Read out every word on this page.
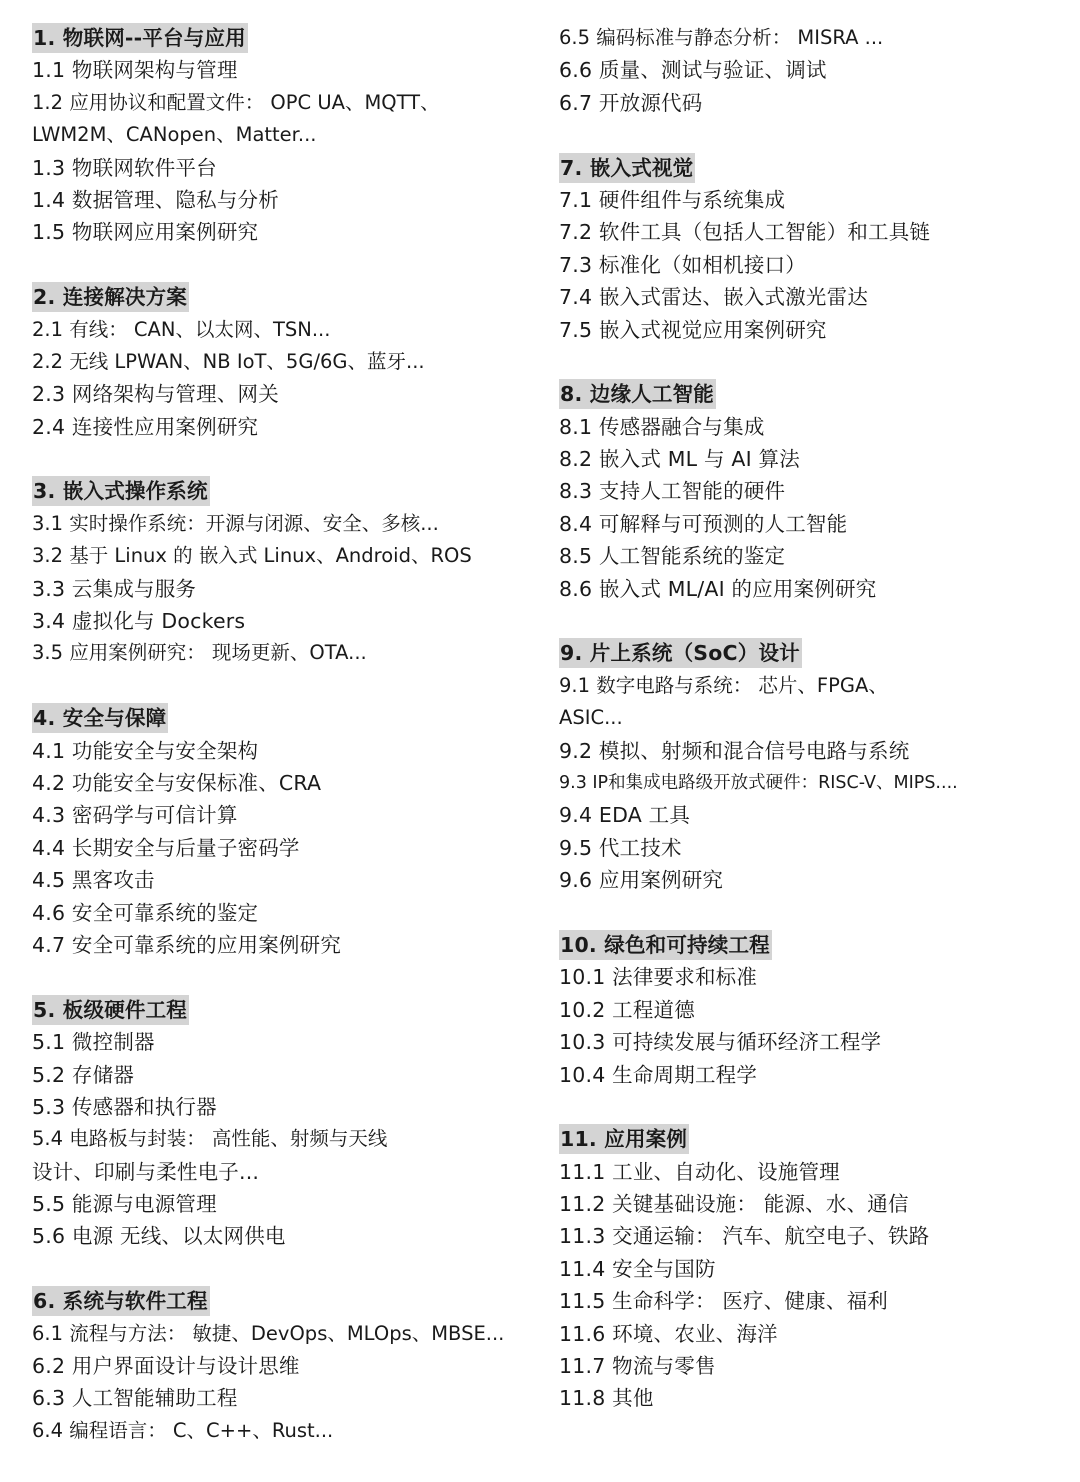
1. 物联网--平台与应用
1.1 物联网架构与管理
1.2 应用协议和配置文件： OPC UA、MQTT、
LWM2M、CANopen、Matter...
1.3 物联网软件平台
1.4 数据管理、隐私与分析
1.5 物联网应用案例研究
2. 连接解决方案
2.1 有线： CAN、以太网、TSN...
2.2 无线 LPWAN、NB IoT、5G/6G、蓝牙...
2.3 网络架构与管理、网关
2.4 连接性应用案例研究
3. 嵌入式操作系统
3.1 实时操作系统：开源与闭源、安全、多核...
3.2 基于 Linux 的 嵌入式 Linux、Android、ROS
3.3 云集成与服务
3.4 虚拟化与 Dockers
3.5 应用案例研究： 现场更新、OTA...
4. 安全与保障
4.1 功能安全与安全架构
4.2 功能安全与安保标准、CRA
4.3 密码学与可信计算
4.4 长期安全与后量子密码学
4.5 黑客攻击
4.6 安全可靠系统的鉴定
4.7 安全可靠系统的应用案例研究
5. 板级硬件工程
5.1 微控制器
5.2 存储器
5.3 传感器和执行器
5.4 电路板与封装： 高性能、射频与天线
设计、印刷与柔性电子...
5.5 能源与电源管理
5.6 电源 无线、以太网供电
6. 系统与软件工程
6.1 流程与方法： 敏捷、DevOps、MLOps、MBSE...
6.2 用户界面设计与设计思维
6.3 人工智能辅助工程
6.4 编程语言： C、C++、Rust...
6.5 编码标准与静态分析： MISRA ...
6.6 质量、测试与验证、调试
6.7 开放源代码
7. 嵌入式视觉
7.1 硬件组件与系统集成
7.2 软件工具（包括人工智能）和工具链
7.3 标准化（如相机接口）
7.4 嵌入式雷达、嵌入式激光雷达
7.5 嵌入式视觉应用案例研究
8. 边缘人工智能
8.1 传感器融合与集成
8.2 嵌入式 ML 与 AI 算法
8.3 支持人工智能的硬件
8.4 可解释与可预测的人工智能
8.5 人工智能系统的鉴定
8.6 嵌入式 ML/AI 的应用案例研究
9. 片上系统（SoC）设计
9.1 数字电路与系统： 芯片、FPGA、
ASIC...
9.2 模拟、射频和混合信号电路与系统
9.3 IP和集成电路级开放式硬件：RISC-V、MIPS....
9.4 EDA 工具
9.5 代工技术
9.6 应用案例研究
10. 绿色和可持续工程
10.1 法律要求和标准
10.2 工程道德
10.3 可持续发展与循环经济工程学
10.4 生命周期工程学
11. 应用案例
11.1 工业、自动化、设施管理
11.2 关键基础设施： 能源、水、通信
11.3 交通运输： 汽车、航空电子、铁路
11.4 安全与国防
11.5 生命科学： 医疗、健康、福利
11.6 环境、农业、海洋
11.7 物流与零售
11.8 其他
